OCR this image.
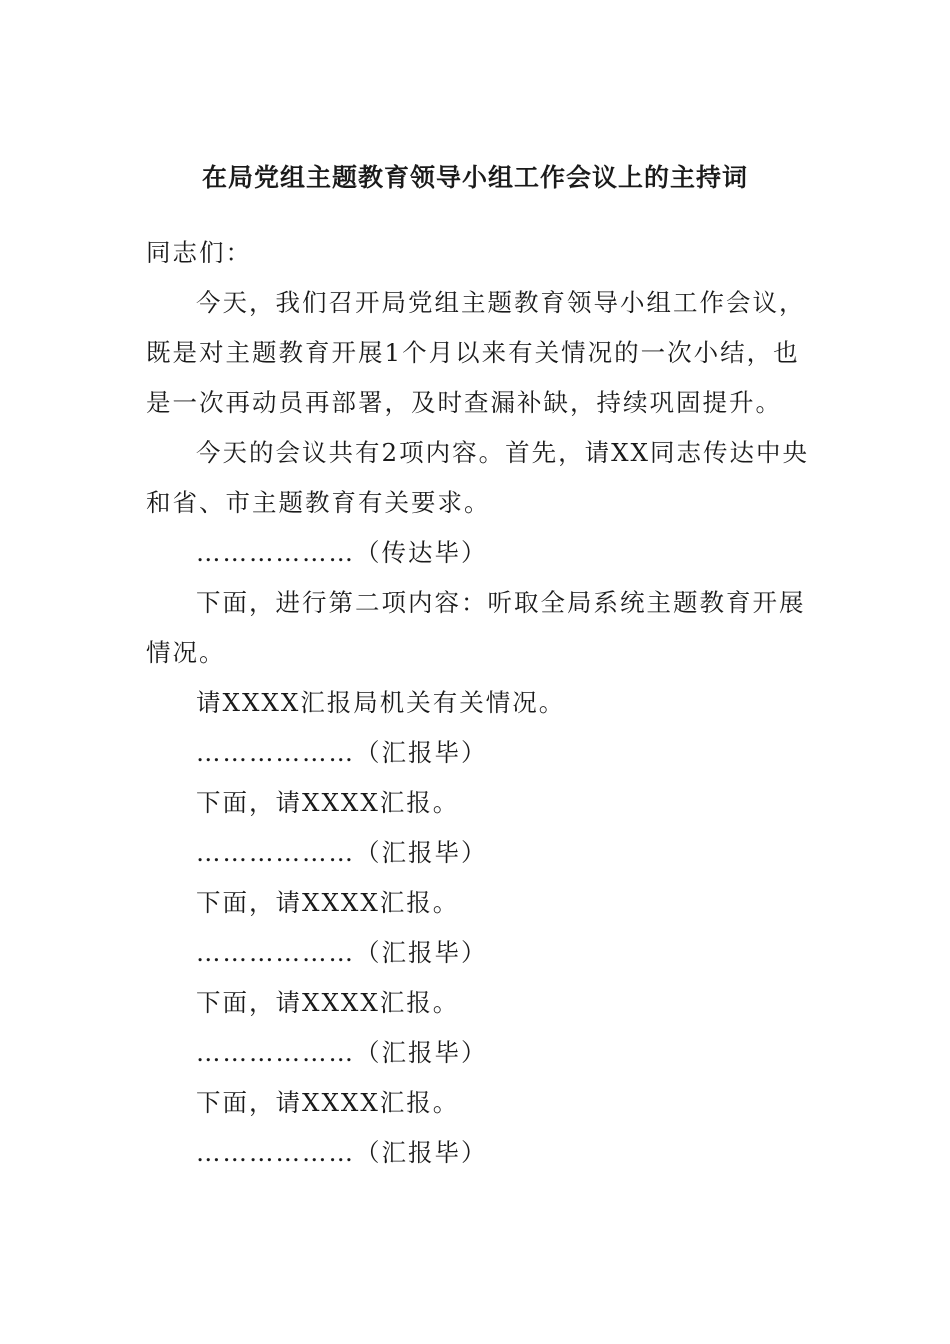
在局党组主题教育领导小组工作会议上的主持词

同志们：

今天，我们召开局党组主题教育领导小组工作会议，既是对主题教育开展1个月以来有关情况的一次小结，也是一次再动员再部署，及时查漏补缺，持续巩固提升。

今天的会议共有2项内容。首先，请XX同志传达中央和省、市主题教育有关要求。

………………（传达毕）

下面，进行第二项内容：听取全局系统主题教育开展情况。

请XXXX汇报局机关有关情况。

………………（汇报毕）

下面，请XXXX汇报。

………………（汇报毕）

下面，请XXXX汇报。

………………（汇报毕）

下面，请XXXX汇报。

………………（汇报毕）

下面，请XXXX汇报。

………………（汇报毕）
